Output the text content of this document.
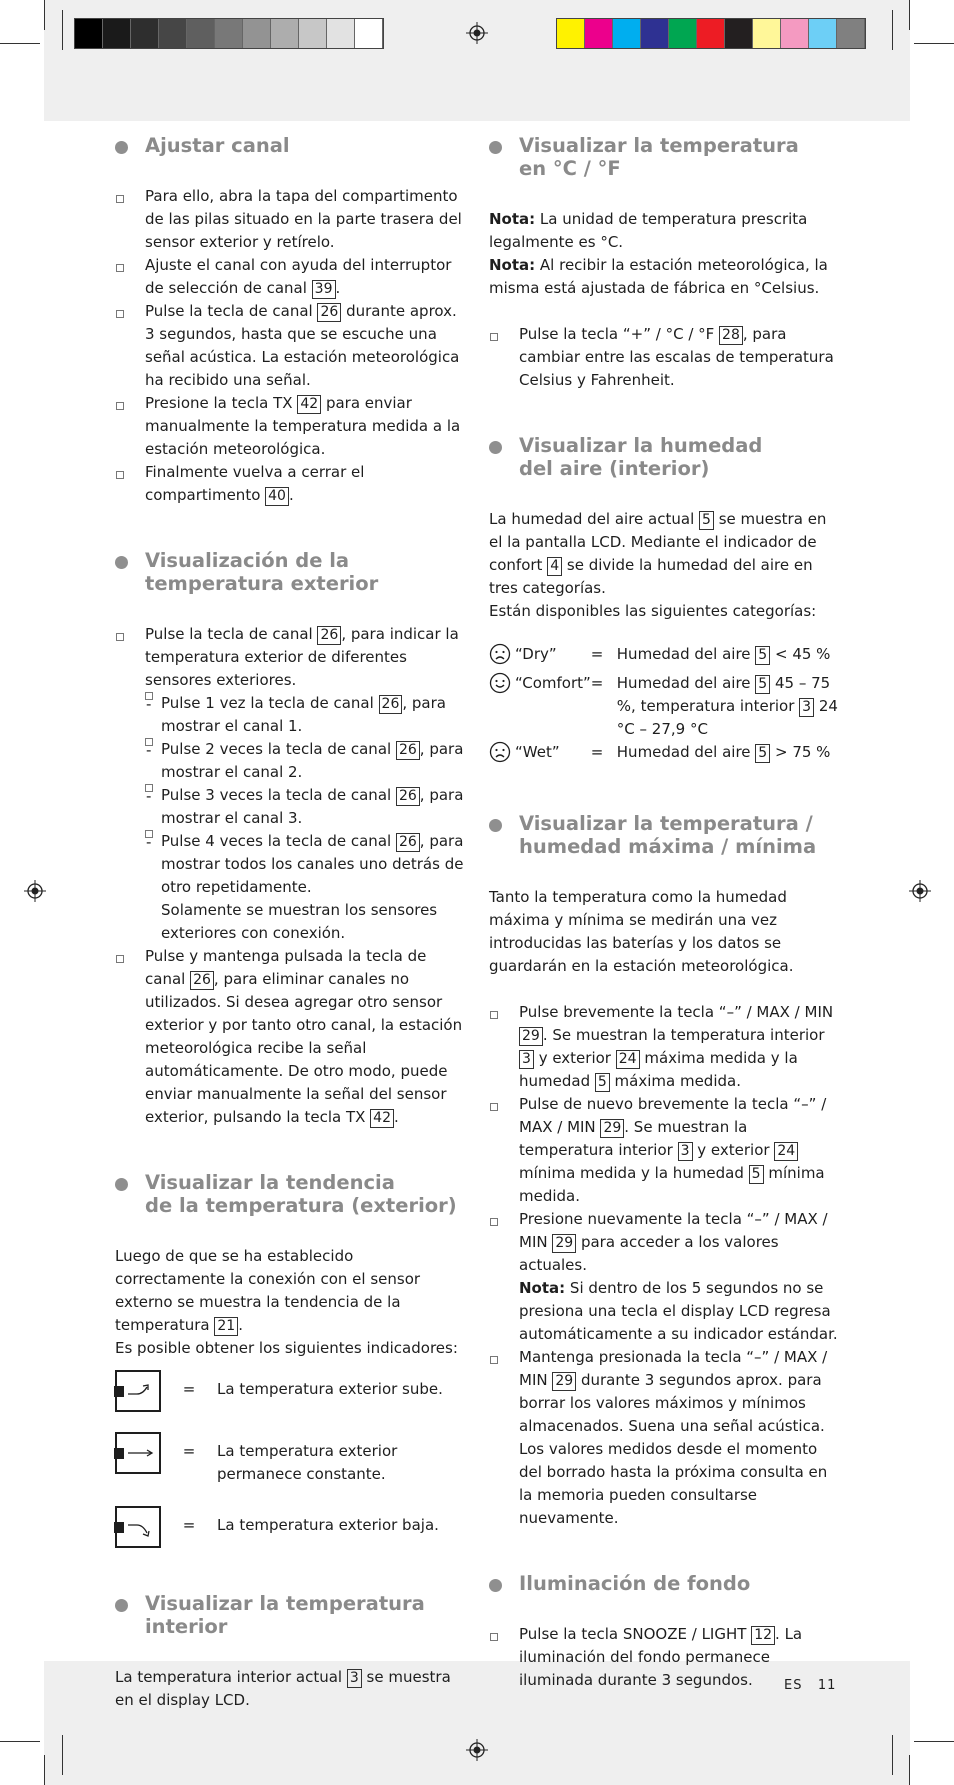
Ajustar canal
Para ello, abra la tapa del compartimento de las pilas situado en la parte trasera del sensor exterior y retírelo.
Ajuste el canal con ayuda del interruptor de selección de canal 39 .
Pulse la tecla de canal 26 durante aprox. 3 segundos, hasta que se escuche una señal acústica. La estación meteorológica ha recibido una señal.
Presione la tecla TX 42 para enviar manualmente la temperatura medida a la estación meteorológica.
Finalmente vuelva a cerrar el compartimento 40 .
Visualización de la
temperatura exterior
Pulse la tecla de canal 26 , para indicar la temperatura exterior de diferentes sensores exteriores.
- Pulse 1 vez la tecla de canal 26 , para mostrar el canal 1.
- Pulse 2 veces la tecla de canal 26 , para mostrar el canal 2.
- Pulse 3 veces la tecla de canal 26 , para mostrar el canal 3.
- Pulse 4 veces la tecla de canal 26 , para mostrar todos los canales uno detrás de otro repetidamente.
Solamente se muestran los sensores exteriores con conexión.
Pulse y mantenga pulsada la tecla de canal 26 , para eliminar canales no utilizados. Si desea agregar otro sensor exterior y por tanto otro canal, la estación meteorológica recibe la señal automáticamente. De otro modo, puede enviar manualmente la señal del sensor exterior, pulsando la tecla TX 42 .
Visualizar la tendencia
de la temperatura (exterior)

Luego de que se ha establecido correctamente la conexión con el sensor externo se muestra la tendencia de la temperatura 21 .

Es posible obtener los siguientes indicadores:

=	La temperatura exterior sube.
=	La temperatura exterior permanece constante.
=	La temperatura exterior baja.
Visualizar la temperatura
interior

La temperatura interior actual 3 se muestra en el display LCD.

Visualizar la temperatura
en °C / °F

Nota: La unidad de temperatura prescrita legalmente es °C.

Nota: Al recibir la estación meteorológica, la misma está ajustada de fábrica en °Celsius.

Pulse la tecla “+” / °C / °F 28 , para cambiar entre las escalas de temperatura Celsius y Fahrenheit.
Visualizar la humedad
del aire (interior)

La humedad del aire actual 5 se muestra en el la pantalla LCD. Mediante el indicador de confort 4 se divide la humedad del aire en tres categorías.

Están disponibles las siguientes categorías:

	“Dry”	=	Humedad del aire 5 < 45 %
	“Comfort”	=	Humedad del aire 5 45 – 75 %, temperatura interior 3 24 °C – 27,9 °C
	“Wet”	=	Humedad del aire 5 > 75 %
Visualizar la temperatura /
humedad máxima / mínima

Tanto la temperatura como la humedad máxima y mínima se medirán una vez introducidas las baterías y los datos se guardarán en la estación meteorológica.

Pulse brevemente la tecla “–” / MAX / MIN 29 . Se muestran la temperatura interior 3 y exterior 24 máxima medida y la humedad 5 máxima medida.
Pulse de nuevo brevemente la tecla “–” / MAX / MIN 29 . Se muestran la temperatura interior 3 y exterior 24 mínima medida y la humedad 5 mínima medida.
Presione nuevamente la tecla “–” / MAX / MIN 29 para acceder a los valores actuales.
Nota: Si dentro de los 5 segundos no se presiona una tecla el display LCD regresa automáticamente a su indicador estándar.
Mantenga presionada la tecla “–” / MAX / MIN 29 durante 3 segundos aprox. para borrar los valores máximos y mínimos almacenados. Suena una señal acústica. Los valores medidos desde el momento del borrado hasta la próxima consulta en la memoria pueden consultarse nuevamente.
Iluminación de fondo
Pulse la tecla SNOOZE / LIGHT 12 . La iluminación del fondo permanece iluminada durante 3 segundos.	ES 11
